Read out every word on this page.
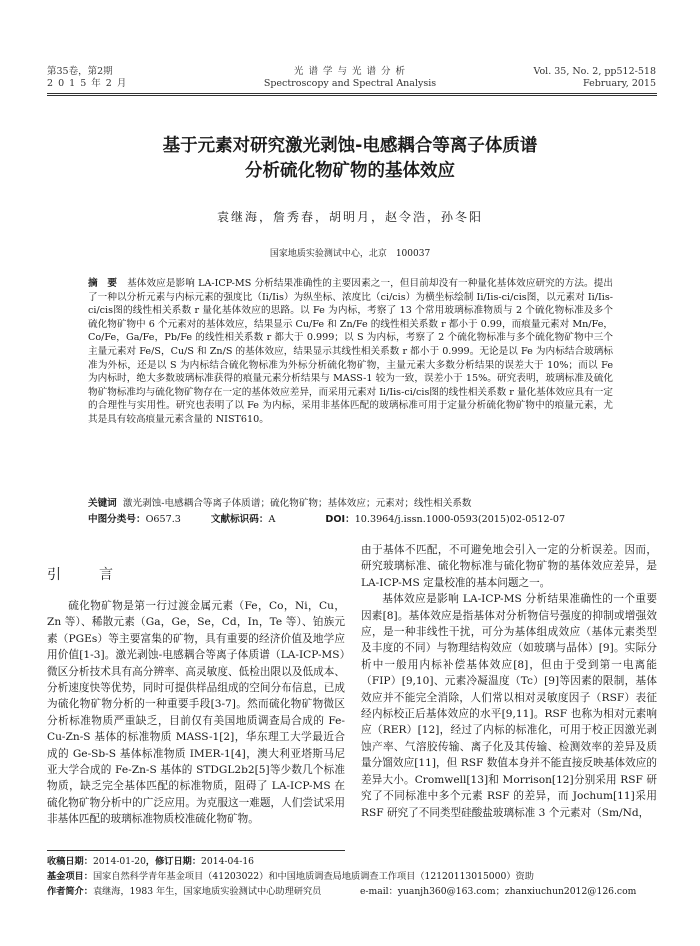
第35卷，第2期
2 0 1 5 年 2 月
光 谱 学 与 光 谱 分 析
Spectroscopy and Spectral Analysis
Vol. 35, No. 2, pp512-518
February, 2015
基于元素对研究激光剥蚀-电感耦合等离子体质谱
分析硫化物矿物的基体效应
袁继海，詹秀春，胡明月，赵令浩，孙冬阳
国家地质实验测试中心，北京　100037
摘　要 基体效应是影响 LA-ICP-MS 分析结果准确性的主要因素之一，但目前却没有一种量化基体效应研究的方法。提出了一种以分析元素与内标元素的强度比（Ii/Iis）为纵坐标、浓度比（ci/cis）为横坐标绘制 Ii/Iis-ci/cis图，以元素对 Ii/Iis-ci/cis图的线性相关系数 r 量化基体效应的思路。以 Fe 为内标，考察了 13 个常用玻璃标准物质与 2 个硫化物标准及多个硫化物矿物中 6 个元素对的基体效应，结果显示 Cu/Fe 和 Zn/Fe 的线性相关系数 r 都小于 0.99，而痕量元素对 Mn/Fe，Co/Fe，Ga/Fe，Pb/Fe 的线性相关系数 r 都大于 0.999；以 S 为内标，考察了 2 个硫化物标准与多个硫化物矿物中三个主量元素对 Fe/S，Cu/S 和 Zn/S 的基体效应，结果显示其线性相关系数 r 都小于 0.999。无论是以 Fe 为内标结合玻璃标准为外标，还是以 S 为内标结合硫化物标准为外标分析硫化物矿物，主量元素大多数分析结果的误差大于 10%；而以 Fe 为内标时，绝大多数玻璃标准获得的痕量元素分析结果与 MASS-1 较为一致，误差小于 15%。研究表明，玻璃标准及硫化物矿物标准均与硫化物矿物存在一定的基体效应差异，而采用元素对 Ii/Iis-ci/cis图的线性相关系数 r 量化基体效应具有一定的合理性与实用性。研究也表明了以 Fe 为内标，采用非基体匹配的玻璃标准可用于定量分析硫化物矿物中的痕量元素，尤其是具有较高痕量元素含量的 NIST610。
关键词 激光剥蚀-电感耦合等离子体质谱；硫化物矿物；基体效应；元素对；线性相关系数
中图分类号：O657.3	文献标识码：A	DOI：10.3964/j.issn.1000-0593(2015)02-0512-07
引　言

硫化物矿物是第一行过渡金属元素（Fe，Co，Ni，Cu，Zn 等）、稀散元素（Ga，Ge，Se，Cd，In，Te 等）、铂族元素（PGEs）等主要富集的矿物，具有重要的经济价值及地学应用价值[1-3]。激光剥蚀-电感耦合等离子体质谱（LA-ICP-MS）微区分析技术具有高分辨率、高灵敏度、低检出限以及低成本、分析速度快等优势，同时可提供样品组成的空间分布信息，已成为硫化物矿物分析的一种重要手段[3-7]。然而硫化物矿物微区分析标准物质严重缺乏，目前仅有美国地质调查局合成的 Fe-Cu-Zn-S 基体的标准物质 MASS-1[2]，华东理工大学最近合成的 Ge-Sb-S 基体标准物质 IMER-1[4]，澳大利亚塔斯马尼亚大学合成的 Fe-Zn-S 基体的 STDGL2b2[5]等少数几个标准物质，缺乏完全基体匹配的标准物质，阻碍了 LA-ICP-MS 在硫化物矿物分析中的广泛应用。为克服这一难题，人们尝试采用非基体匹配的玻璃标准物质校准硫化物矿物。

由于基体不匹配，不可避免地会引入一定的分析误差。因而，研究玻璃标准、硫化物标准与硫化物矿物的基体效应差异，是 LA-ICP-MS 定量校准的基本问题之一。

基体效应是影响 LA-ICP-MS 分析结果准确性的一个重要因素[8]。基体效应是指基体对分析物信号强度的抑制或增强效应，是一种非线性干扰，可分为基体组成效应（基体元素类型及丰度的不同）与物理结构效应（如玻璃与晶体）[9]。实际分析中一般用内标补偿基体效应[8]，但由于受到第一电离能（FIP）[9,10]、元素冷凝温度（Tc）[9]等因素的限制，基体效应并不能完全消除，人们常以相对灵敏度因子（RSF）表征经内标校正后基体效应的水平[9,11]。RSF 也称为相对元素响应（RER）[12]，经过了内标的标准化，可用于校正因激光剥蚀产率、气溶胶传输、离子化及其传输、检测效率的差异及质量分馏效应[11]，但 RSF 数值本身并不能直接反映基体效应的差异大小。Cromwell[13]和 Morrison[12]分别采用 RSF 研究了不同标准中多个元素 RSF 的差异，而 Jochum[11]采用 RSF 研究了不同类型硅酸盐玻璃标准 3 个元素对（Sm/Nd，

收稿日期：2014-01-20，修订日期：2014-04-16
基金项目：国家自然科学青年基金项目（41203022）和中国地质调查局地质调查工作项目（12120113015000）资助
作者简介：袁继海，1983 年生，国家地质实验测试中心助理研究员	e-mail：yuanjh360@163.com；zhanxiuchun2012@126.com
